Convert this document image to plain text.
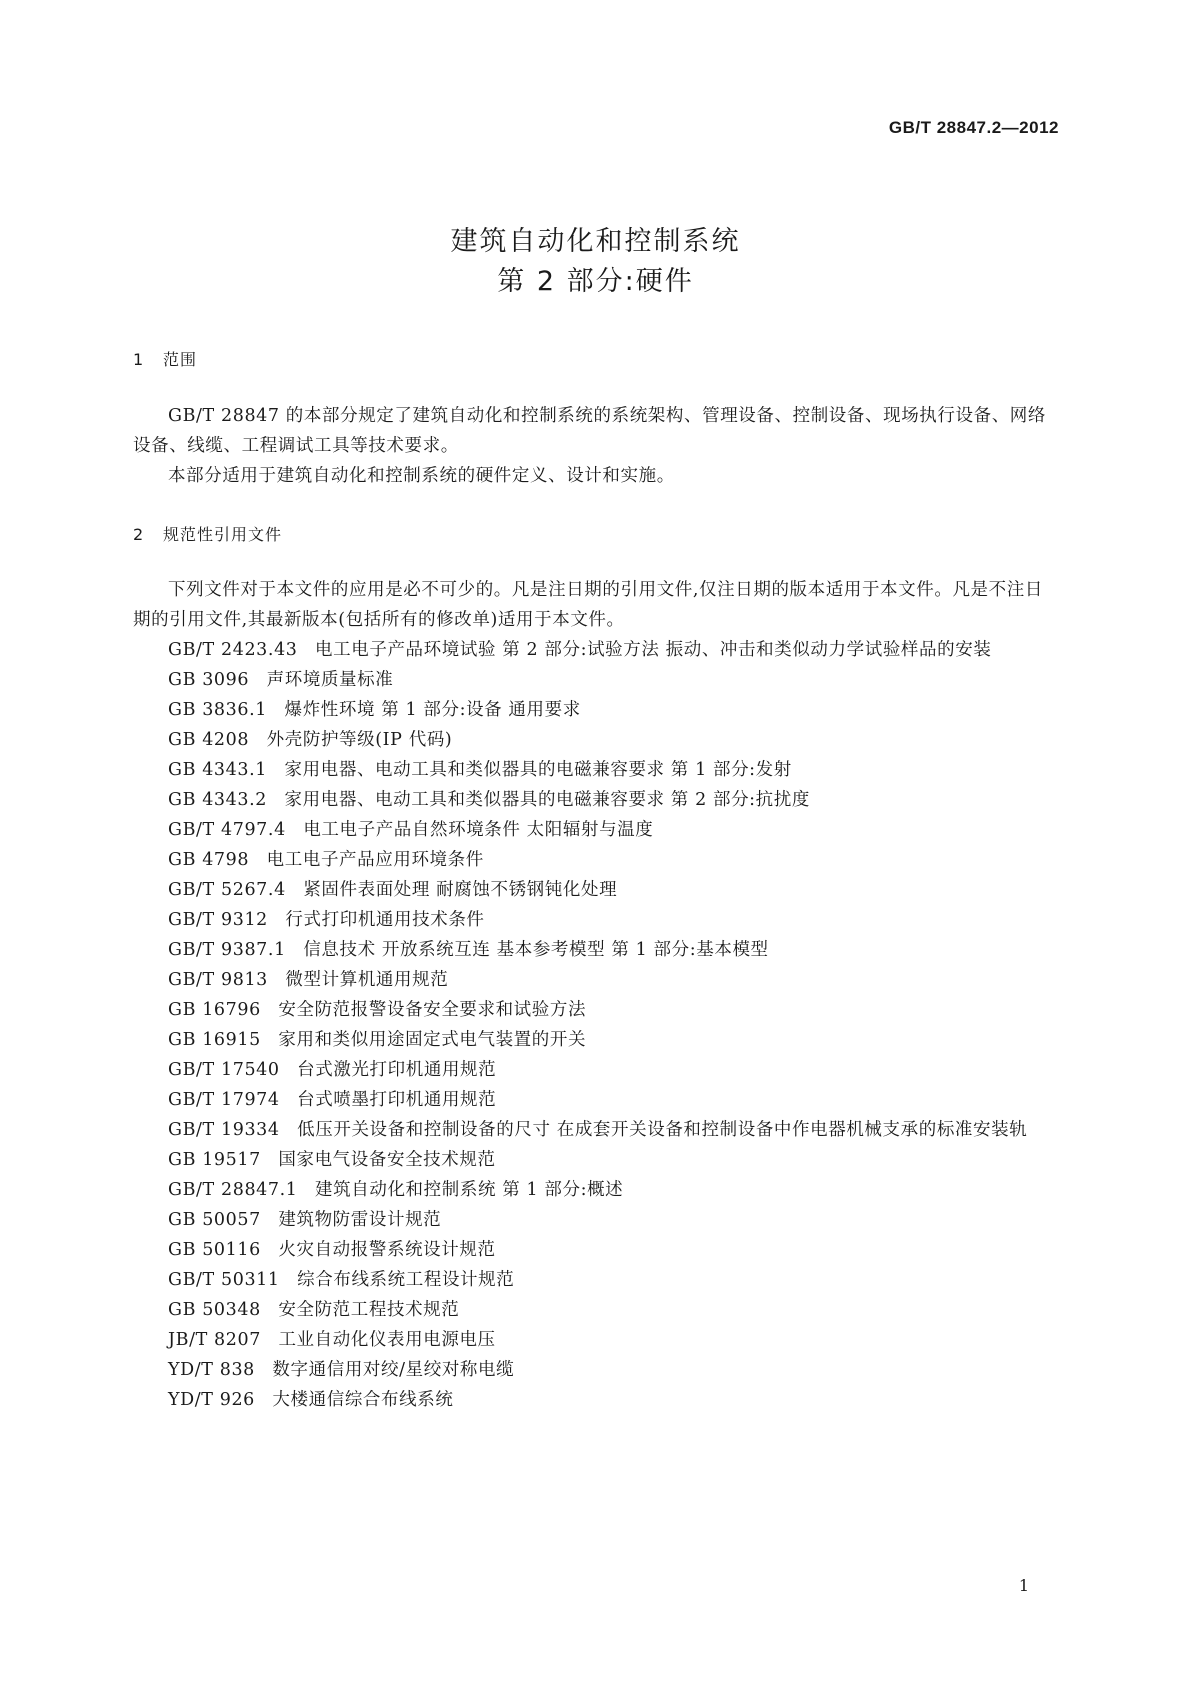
GB/T 28847.2—2012
建筑自动化和控制系统
第 2 部分:硬件
1 范围

GB/T 28847 的本部分规定了建筑自动化和控制系统的系统架构、管理设备、控制设备、现场执行设备、网络设备、线缆、工程调试工具等技术要求。

本部分适用于建筑自动化和控制系统的硬件定义、设计和实施。

2 规范性引用文件

下列文件对于本文件的应用是必不可少的。凡是注日期的引用文件,仅注日期的版本适用于本文件。凡是不注日期的引用文件,其最新版本(包括所有的修改单)适用于本文件。

GB/T 2423.43 电工电子产品环境试验 第 2 部分:试验方法 振动、冲击和类似动力学试验样品的安装

GB 3096 声环境质量标准

GB 3836.1 爆炸性环境 第 1 部分:设备 通用要求

GB 4208 外壳防护等级(IP 代码)

GB 4343.1 家用电器、电动工具和类似器具的电磁兼容要求 第 1 部分:发射

GB 4343.2 家用电器、电动工具和类似器具的电磁兼容要求 第 2 部分:抗扰度

GB/T 4797.4 电工电子产品自然环境条件 太阳辐射与温度

GB 4798 电工电子产品应用环境条件

GB/T 5267.4 紧固件表面处理 耐腐蚀不锈钢钝化处理

GB/T 9312 行式打印机通用技术条件

GB/T 9387.1 信息技术 开放系统互连 基本参考模型 第 1 部分:基本模型

GB/T 9813 微型计算机通用规范

GB 16796 安全防范报警设备安全要求和试验方法

GB 16915 家用和类似用途固定式电气装置的开关

GB/T 17540 台式激光打印机通用规范

GB/T 17974 台式喷墨打印机通用规范

GB/T 19334 低压开关设备和控制设备的尺寸 在成套开关设备和控制设备中作电器机械支承的标准安装轨

GB 19517 国家电气设备安全技术规范

GB/T 28847.1 建筑自动化和控制系统 第 1 部分:概述

GB 50057 建筑物防雷设计规范

GB 50116 火灾自动报警系统设计规范

GB/T 50311 综合布线系统工程设计规范

GB 50348 安全防范工程技术规范

JB/T 8207 工业自动化仪表用电源电压

YD/T 838 数字通信用对绞/星绞对称电缆

YD/T 926 大楼通信综合布线系统

1
